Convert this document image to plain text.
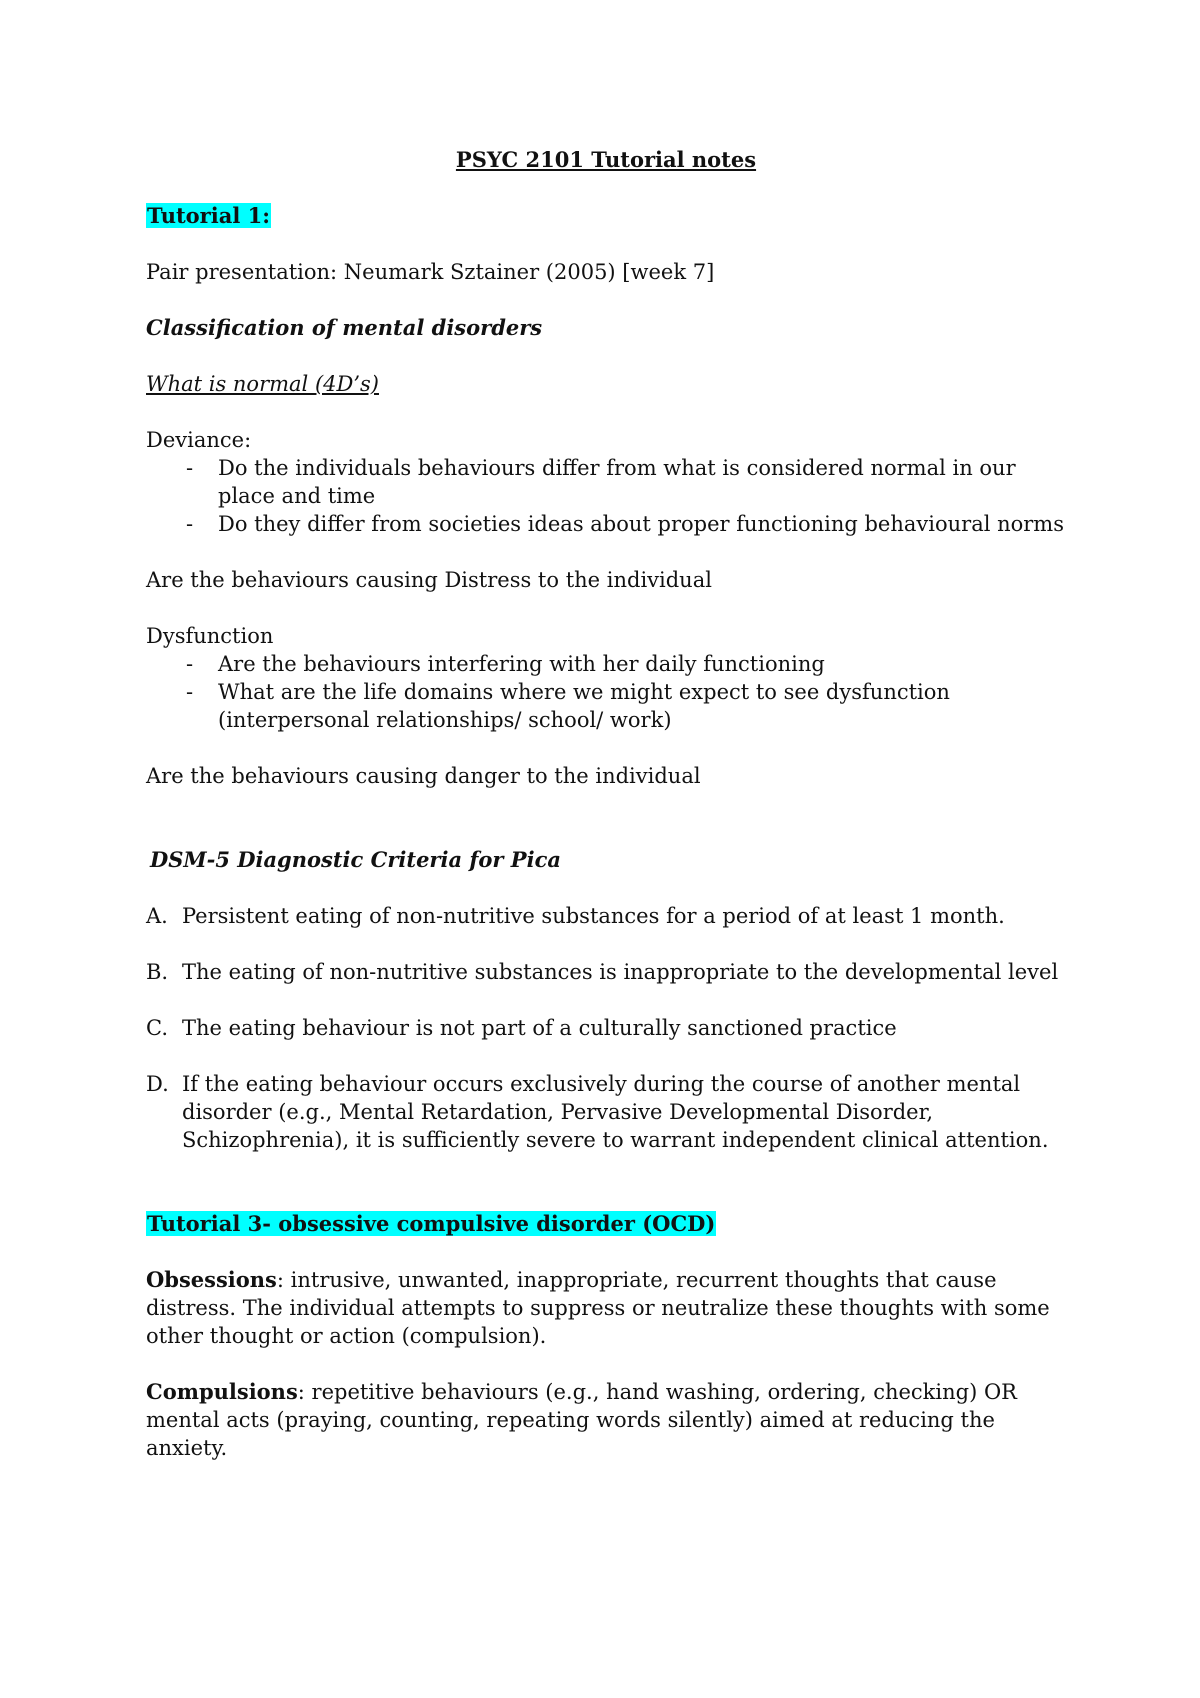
PSYC 2101 Tutorial notes

Tutorial 1:

Pair presentation: Neumark Sztainer (2005) [week 7]

Classification of mental disorders

What is normal (4D’s)

Deviance:

- Do the individuals behaviours differ from what is considered normal in our place and time
- Do they differ from societies ideas about proper functioning behavioural norms

Are the behaviours causing Distress to the individual

Dysfunction

- Are the behaviours interfering with her daily functioning
- What are the life domains where we might expect to see dysfunction (interpersonal relationships/ school/ work)

Are the behaviours causing danger to the individual

DSM-5 Diagnostic Criteria for Pica

A. Persistent eating of non-nutritive substances for a period of at least 1 month.
B. The eating of non-nutritive substances is inappropriate to the developmental level
C. The eating behaviour is not part of a culturally sanctioned practice
D. If the eating behaviour occurs exclusively during the course of another mental disorder (e.g., Mental Retardation, Pervasive Developmental Disorder, Schizophrenia), it is sufficiently severe to warrant independent clinical attention.

Tutorial 3- obsessive compulsive disorder (OCD)

Obsessions: intrusive, unwanted, inappropriate, recurrent thoughts that cause distress. The individual attempts to suppress or neutralize these thoughts with some other thought or action (compulsion).

Compulsions: repetitive behaviours (e.g., hand washing, ordering, checking) OR mental acts (praying, counting, repeating words silently) aimed at reducing the anxiety.
